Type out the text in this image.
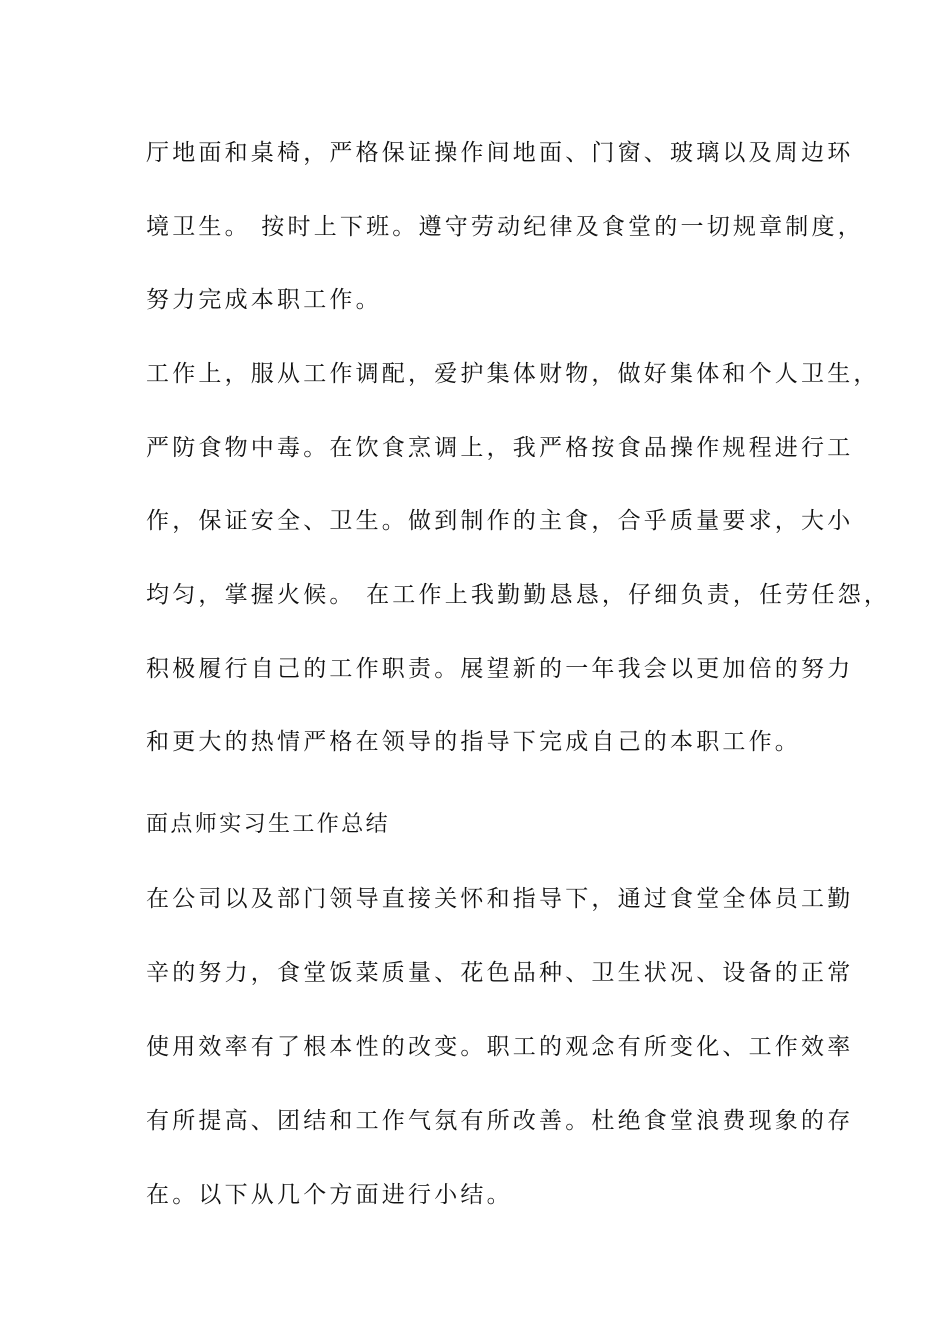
厅地面和桌椅，严格保证操作间地面、门窗、玻璃以及周边环
境卫生。 按时上下班。遵守劳动纪律及食堂的一切规章制度，
努力完成本职工作。
工作上，服从工作调配，爱护集体财物，做好集体和个人卫生，
严防食物中毒。在饮食烹调上，我严格按食品操作规程进行工
作，保证安全、卫生。做到制作的主食，合乎质量要求，大小
均匀，掌握火候。 在工作上我勤勤恳恳，仔细负责，任劳任怨，
积极履行自己的工作职责。展望新的一年我会以更加倍的努力
和更大的热情严格在领导的指导下完成自己的本职工作。
面点师实习生工作总结
在公司以及部门领导直接关怀和指导下，通过食堂全体员工勤
辛的努力，食堂饭菜质量、花色品种、卫生状况、设备的正常
使用效率有了根本性的改变。职工的观念有所变化、工作效率
有所提高、团结和工作气氛有所改善。杜绝食堂浪费现象的存
在。以下从几个方面进行小结。
